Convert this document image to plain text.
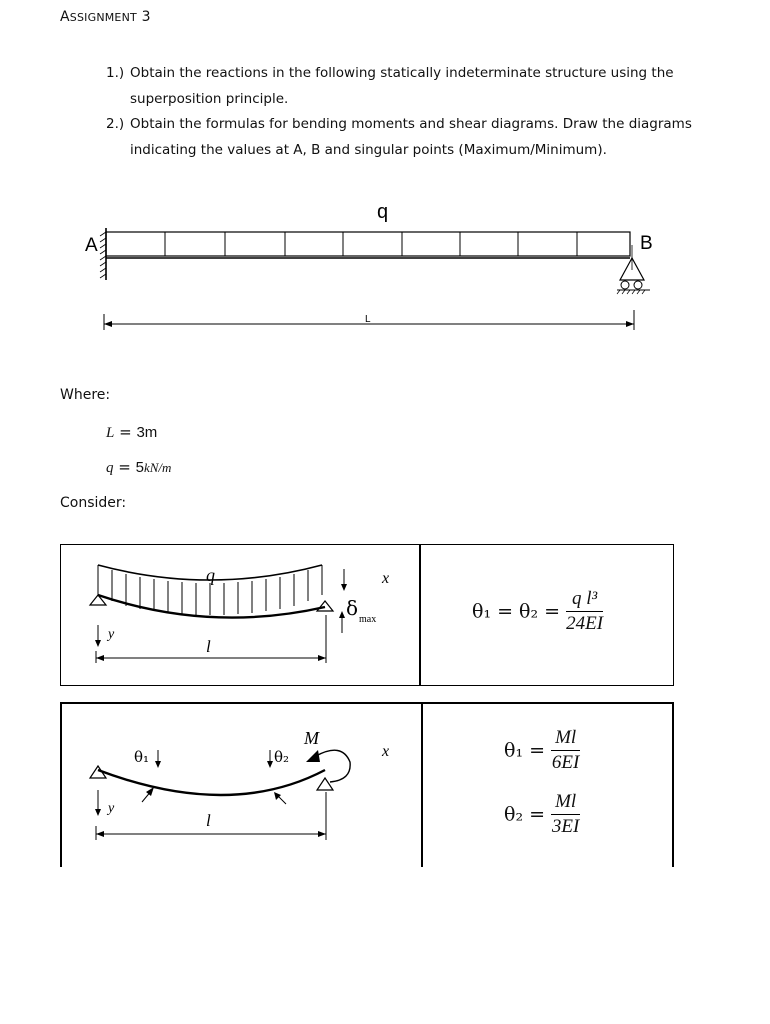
ASSIGNMENT 3
1.) Obtain the reactions in the following statically indeterminate structure using the
superposition principle.
2.) Obtain the formulas for bending moments and shear diagrams. Draw the diagrams
indicating the values at A, B and singular points (Maximum/Minimum).
q
A	B
L
Where:
L = 3m
q = 5kN/m
Consider:
q	x
δ max
y
l
$\theta_1 = \theta_2 = \frac{\text{q l³}}{24EI}$
M
θ₁	θ₂	x
y
l
$\theta_1 = \frac{Ml}{6EI}$
$\theta_2 = \frac{Ml}{3EI}$
